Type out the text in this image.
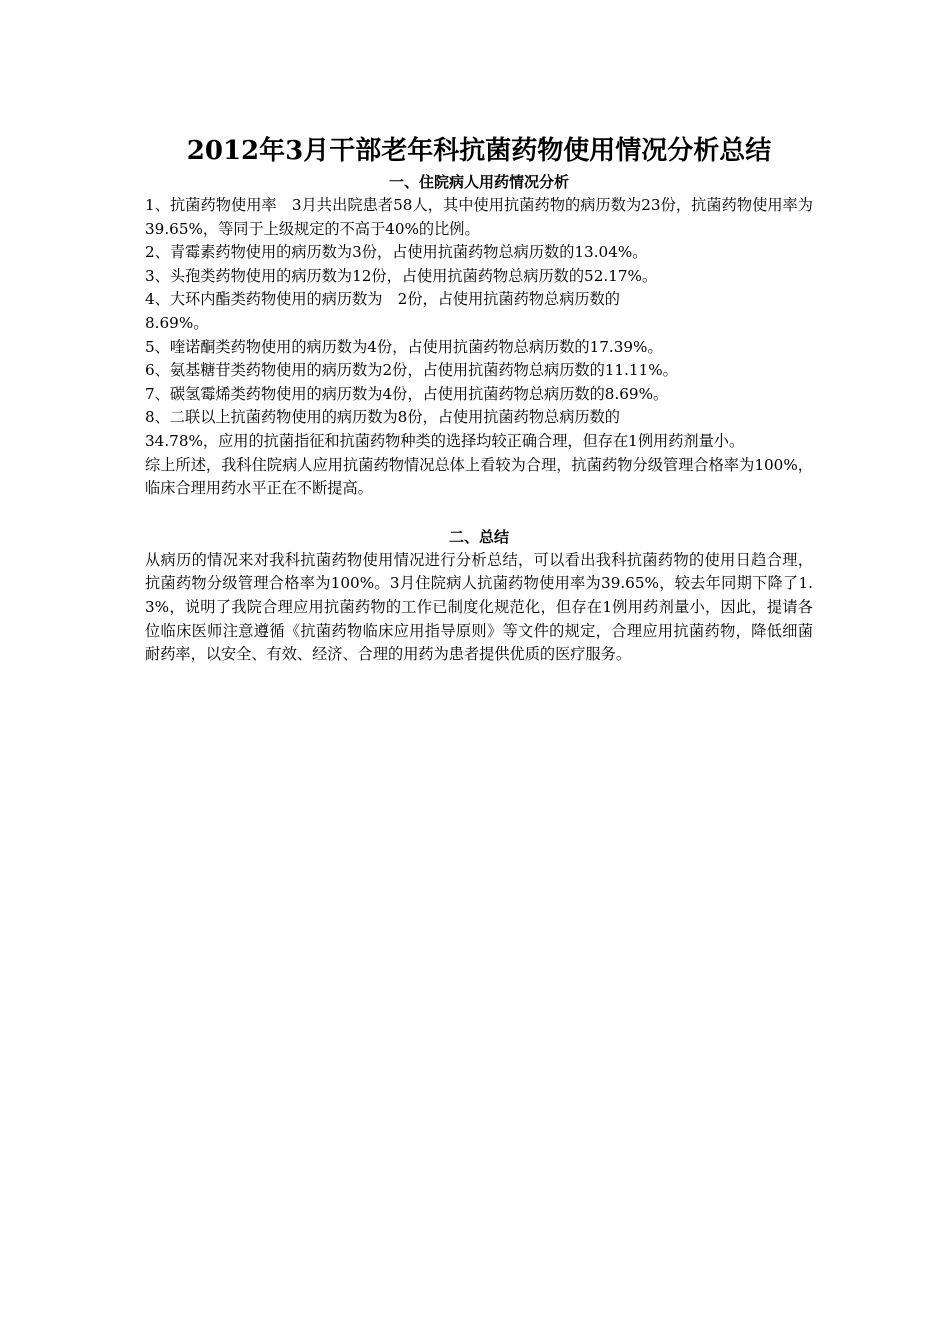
2012年3月干部老年科抗菌药物使用情况分析总结
一、住院病人用药情况分析

1、抗菌药物使用率　3月共出院患者58人，其中使用抗菌药物的病历数为23份，抗菌药物使用率为39.65%，等同于上级规定的不高于40%的比例。

2、青霉素药物使用的病历数为3份，占使用抗菌药物总病历数的13.04%。

3、头孢类药物使用的病历数为12份，占使用抗菌药物总病历数的52.17%。

4、大环内酯类药物使用的病历数为　2份，占使用抗菌药物总病历数的

8.69%。

5、喹诺酮类药物使用的病历数为4份，占使用抗菌药物总病历数的17.39%。

6、氨基糖苷类药物使用的病历数为2份，占使用抗菌药物总病历数的11.11%。

7、碳氢霉烯类药物使用的病历数为4份，占使用抗菌药物总病历数的8.69%。

8、二联以上抗菌药物使用的病历数为8份，占使用抗菌药物总病历数的

34.78%，应用的抗菌指征和抗菌药物种类的选择均较正确合理，但存在1例用药剂量小。

综上所述，我科住院病人应用抗菌药物情况总体上看较为合理，抗菌药物分级管理合格率为100%，临床合理用药水平正在不断提高。

二、总结

从病历的情况来对我科抗菌药物使用情况进行分析总结，可以看出我科抗菌药物的使用日趋合理，抗菌药物分级管理合格率为100%。3月住院病人抗菌药物使用率为39.65%，较去年同期下降了1.3%，说明了我院合理应用抗菌药物的工作已制度化规范化，但存在1例用药剂量小，因此，提请各位临床医师注意遵循《抗菌药物临床应用指导原则》等文件的规定，合理应用抗菌药物，降低细菌耐药率，以安全、有效、经济、合理的用药为患者提供优质的医疗服务。
